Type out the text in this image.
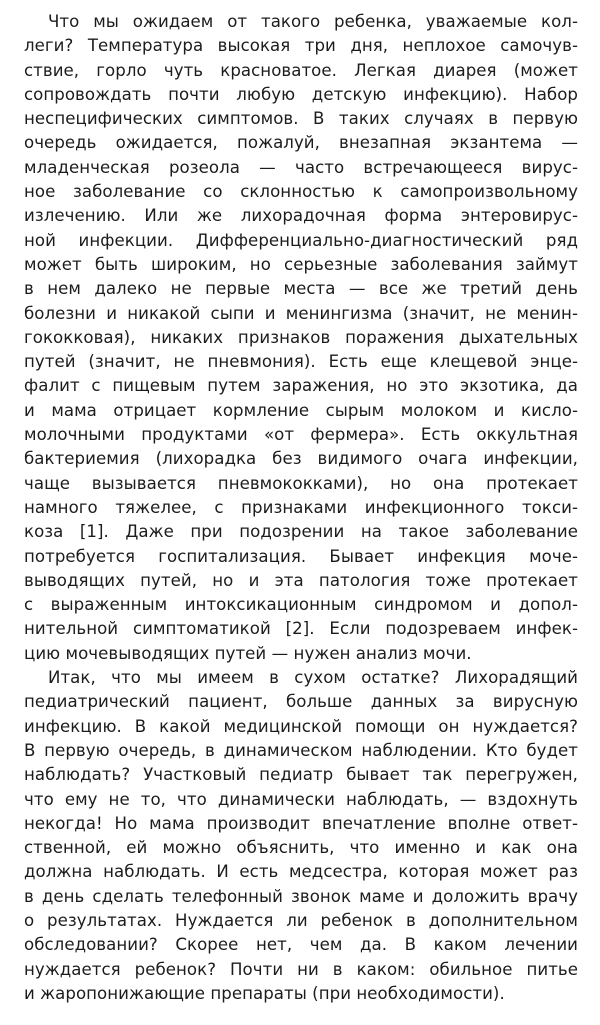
Что мы ожидаем от такого ребенка, уважаемые кол-
леги? Температура высокая три дня, неплохое самочув-
ствие, горло чуть красноватое. Легкая диарея (может
сопровождать почти любую детскую инфекцию). Набор
неспецифических симптомов. В таких случаях в первую
очередь ожидается, пожалуй, внезапная экзантема —
младенческая розеола — часто встречающееся вирус-
ное заболевание со склонностью к самопроизвольному
излечению. Или же лихорадочная форма энтеровирус-
ной инфекции. Дифференциально-диагностический ряд
может быть широким, но серьезные заболевания займут
в нем далеко не первые места — все же третий день
болезни и никакой сыпи и менингизма (значит, не менин-
гококковая), никаких признаков поражения дыхательных
путей (значит, не пневмония). Есть еще клещевой энце-
фалит с пищевым путем заражения, но это экзотика, да
и мама отрицает кормление сырым молоком и кисло-
молочными продуктами «от фермера». Есть оккультная
бактериемия (лихорадка без видимого очага инфекции,
чаще вызывается пневмококками), но она протекает
намного тяжелее, с признаками инфекционного токси-
коза [1]. Даже при подозрении на такое заболевание
потребуется госпитализация. Бывает инфекция моче-
выводящих путей, но и эта патология тоже протекает
с выраженным интоксикационным синдромом и допол-
нительной симптоматикой [2]. Если подозреваем инфек-
цию мочевыводящих путей — нужен анализ мочи.
Итак, что мы имеем в сухом остатке? Лихорадящий
педиатрический пациент, больше данных за вирусную
инфекцию. В какой медицинской помощи он нуждается?
В первую очередь, в динамическом наблюдении. Кто будет
наблюдать? Участковый педиатр бывает так перегружен,
что ему не то, что динамически наблюдать, — вздохнуть
некогда! Но мама производит впечатление вполне ответ-
ственной, ей можно объяснить, что именно и как она
должна наблюдать. И есть медсестра, которая может раз
в день сделать телефонный звонок маме и доложить врачу
о результатах. Нуждается ли ребенок в дополнительном
обследовании? Скорее нет, чем да. В каком лечении
нуждается ребенок? Почти ни в каком: обильное питье
и жаропонижающие препараты (при необходимости).
